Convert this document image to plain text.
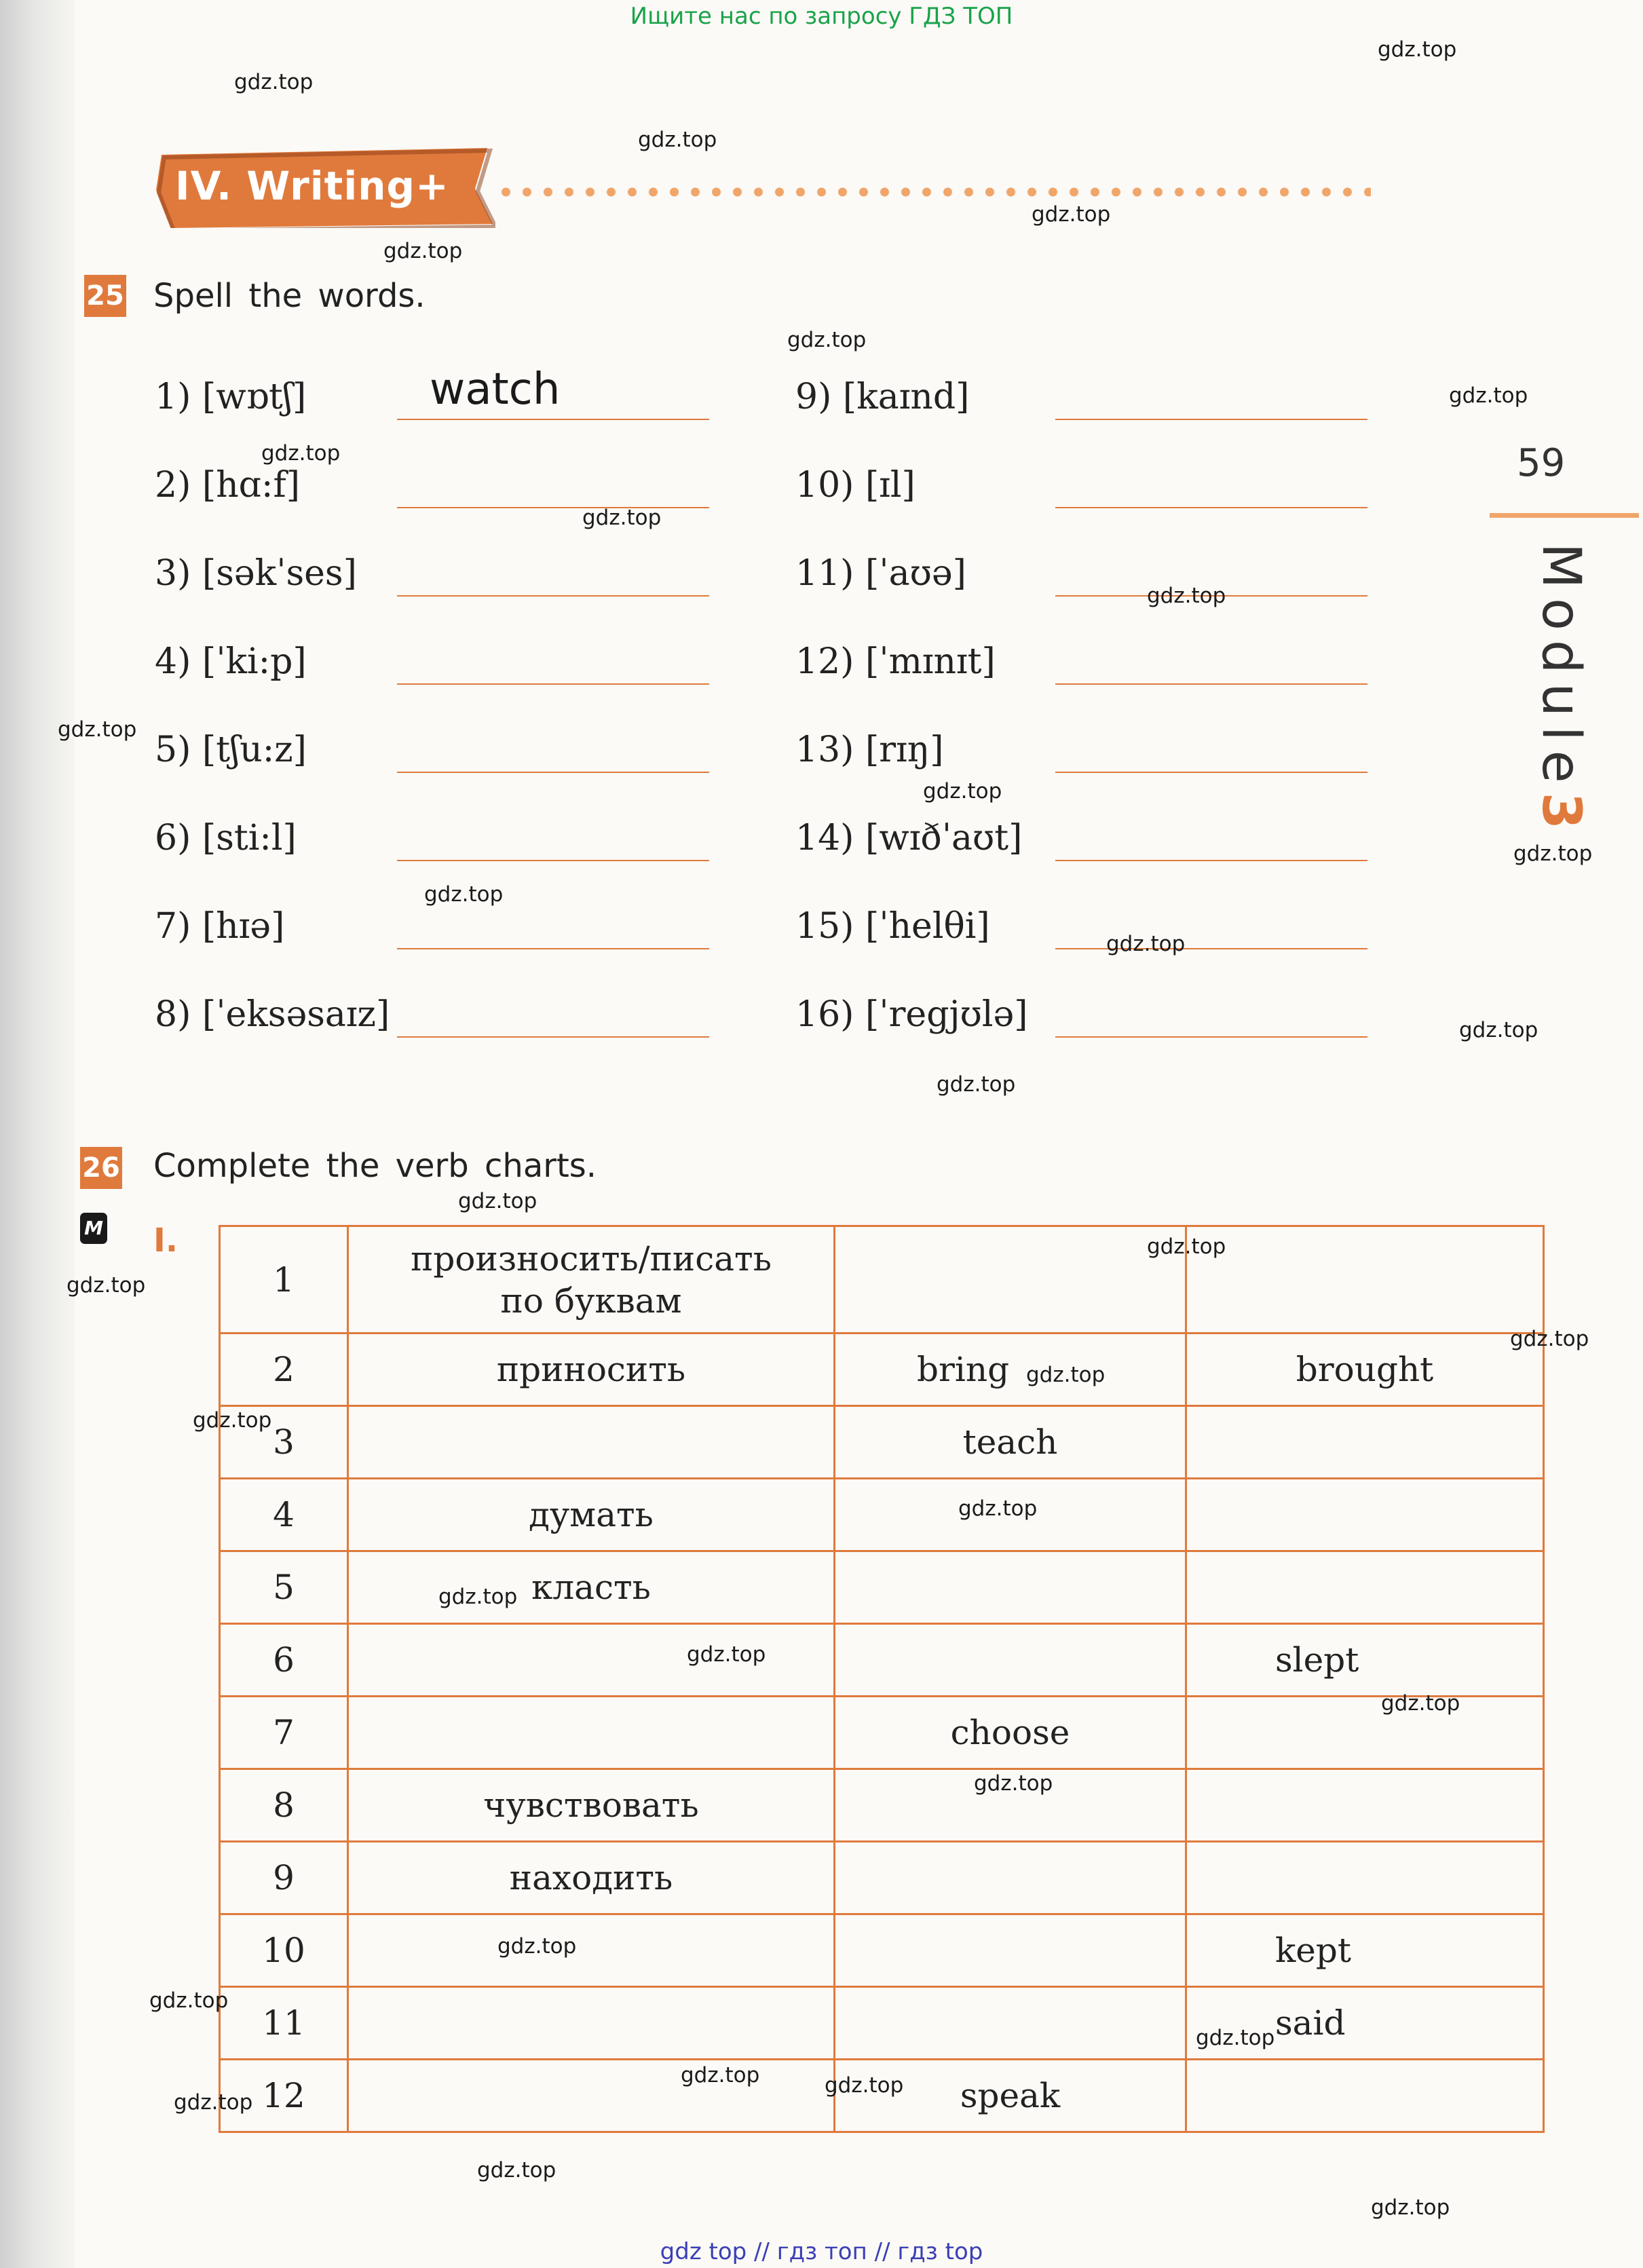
Ищите нас по запросу ГДЗ ТОП
IV. Writing+
25 Spell the words.
1) [wɒtʃ]	watch
2) [hɑ:f]
3) [səkˈses]
4) [ˈki:p]
5) [tʃu:z]
6) [sti:l]
7) [hɪə]
8) [ˈeksəsaɪz]
9) [kaɪnd]
10) [ɪl]
11) [ˈaʊə]
12) [ˈmɪnɪt]
13) [rɪŋ]
14) [wɪðˈaʊt]
15) [ˈhelθi]
16) [ˈregjʊlə]
59
Module3
26 Complete the verb charts.
M I.
1	произносить/писать
по буквам		
2	приносить	bring	brought
3		teach	
4	думать		
5	класть		
6			slept
7		choose	
8	чувствовать		
9	находить		
10			kept
11			said
12		speak	
gdz top // гдз топ // гдз top
gdz.top
gdz.top
gdz.top
gdz.top
gdz.top
gdz.top
gdz.top
gdz.top
gdz.top
gdz.top
gdz.top
gdz.top
gdz.top
gdz.top
gdz.top
gdz.top
gdz.top
gdz.top
gdz.top
gdz.top
gdz.top
gdz.top
gdz.top
gdz.top
gdz.top
gdz.top
gdz.top
gdz.top
gdz.top
gdz.top
gdz.top
gdz.top
gdz.top
gdz.top
gdz.top
gdz.top
